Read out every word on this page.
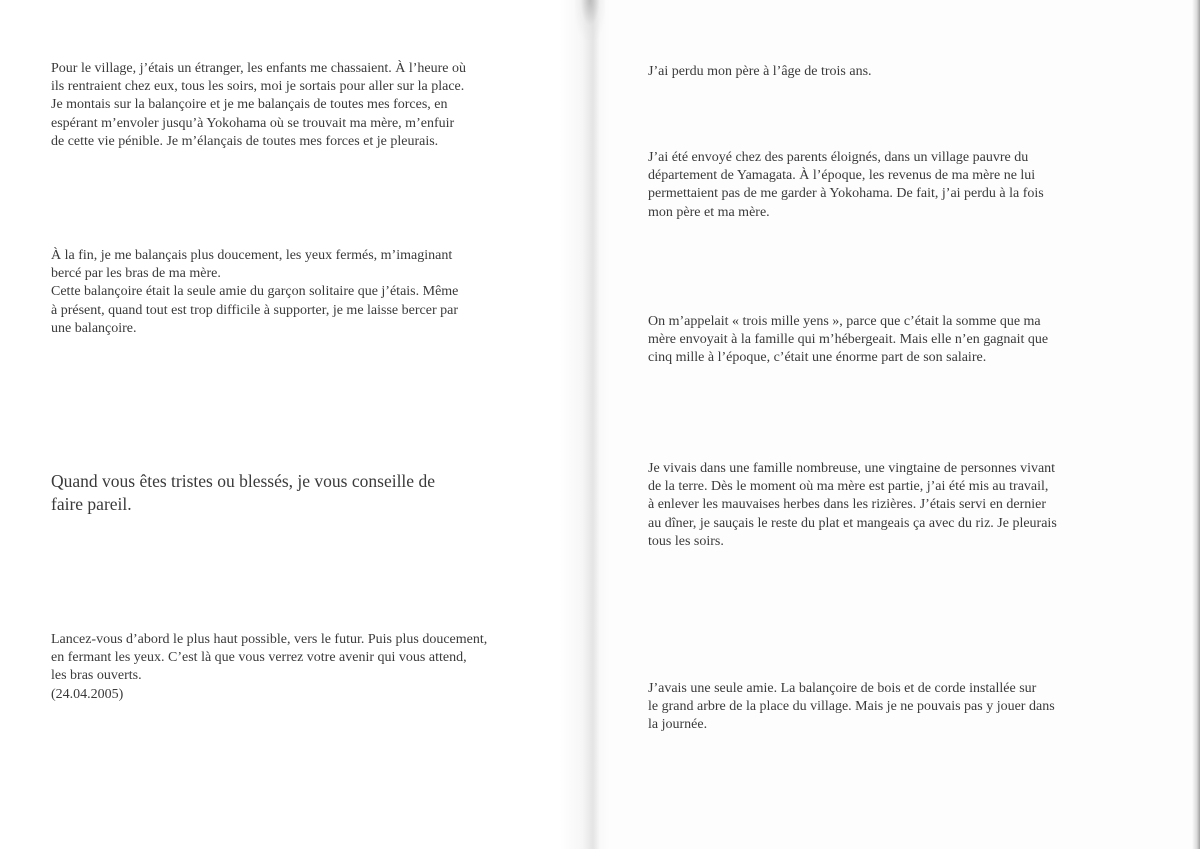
Pour le village, j’étais un étranger, les enfants me chassaient. À l’heure où
ils rentraient chez eux, tous les soirs, moi je sortais pour aller sur la place.
Je montais sur la balançoire et je me balançais de toutes mes forces, en
espérant m’envoler jusqu’à Yokohama où se trouvait ma mère, m’enfuir
de cette vie pénible. Je m’élançais de toutes mes forces et je pleurais.

À la fin, je me balançais plus doucement, les yeux fermés, m’imaginant
bercé par les bras de ma mère.
Cette balançoire était la seule amie du garçon solitaire que j’étais. Même
à présent, quand tout est trop difficile à supporter, je me laisse bercer par
une balançoire.

Quand vous êtes tristes ou blessés, je vous conseille de
faire pareil.

Lancez-vous d’abord le plus haut possible, vers le futur. Puis plus doucement,
en fermant les yeux. C’est là que vous verrez votre avenir qui vous attend,
les bras ouverts.
(24.04.2005)

J’ai perdu mon père à l’âge de trois ans.

J’ai été envoyé chez des parents éloignés, dans un village pauvre du
département de Yamagata. À l’époque, les revenus de ma mère ne lui
permettaient pas de me garder à Yokohama. De fait, j’ai perdu à la fois
mon père et ma mère.

On m’appelait « trois mille yens », parce que c’était la somme que ma
mère envoyait à la famille qui m’hébergeait. Mais elle n’en gagnait que
cinq mille à l’époque, c’était une énorme part de son salaire.

Je vivais dans une famille nombreuse, une vingtaine de personnes vivant
de la terre. Dès le moment où ma mère est partie, j’ai été mis au travail,
à enlever les mauvaises herbes dans les rizières. J’étais servi en dernier
au dîner, je sauçais le reste du plat et mangeais ça avec du riz. Je pleurais
tous les soirs.

J’avais une seule amie. La balançoire de bois et de corde installée sur
le grand arbre de la place du village. Mais je ne pouvais pas y jouer dans
la journée.
